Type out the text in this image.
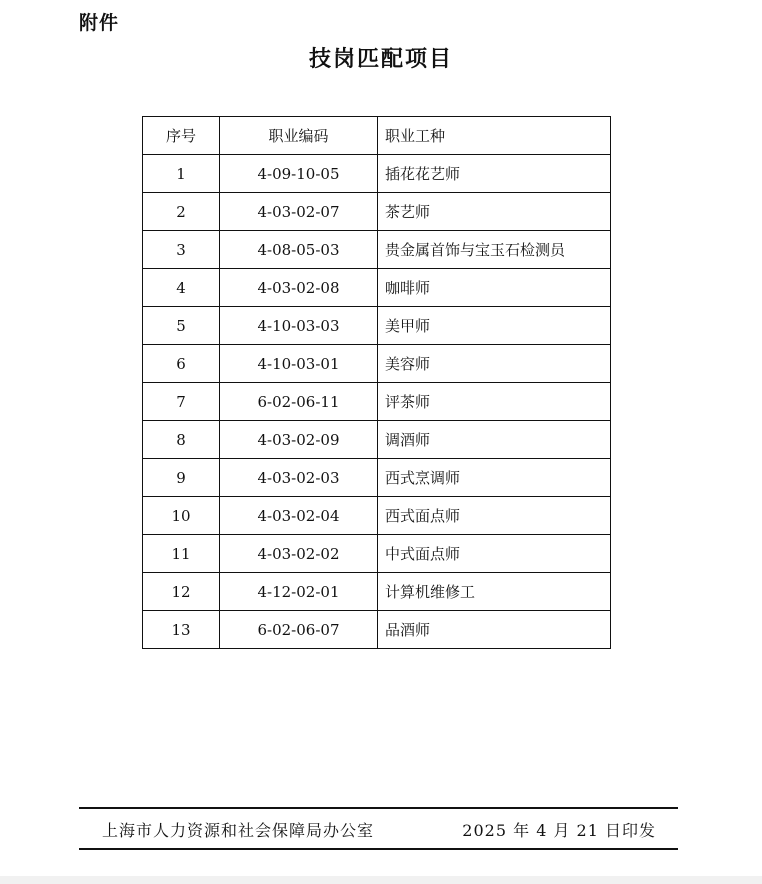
附件
技岗匹配项目
序号	职业编码	职业工种
1	4-09-10-05	插花花艺师
2	4-03-02-07	茶艺师
3	4-08-05-03	贵金属首饰与宝玉石检测员
4	4-03-02-08	咖啡师
5	4-10-03-03	美甲师
6	4-10-03-01	美容师
7	6-02-06-11	评茶师
8	4-03-02-09	调酒师
9	4-03-02-03	西式烹调师
10	4-03-02-04	西式面点师
11	4-03-02-02	中式面点师
12	4-12-02-01	计算机维修工
13	6-02-06-07	品酒师
上海市人力资源和社会保障局办公室	2025 年 4 月 21 日印发
